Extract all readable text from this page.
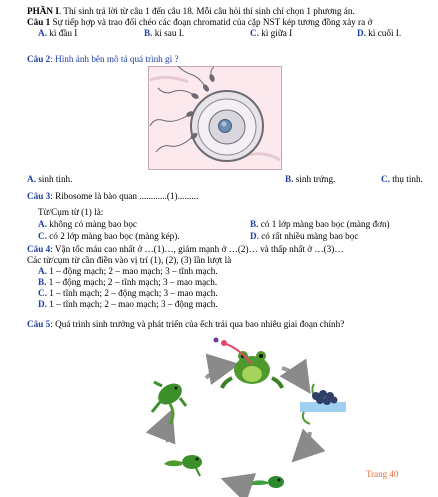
PHẦN I. Thí sinh trả lời từ câu 1 đến câu 18. Mỗi câu hỏi thí sinh chỉ chọn 1 phương án.
Câu 1 Sự tiếp hợp và trao đổi chéo các đoạn chromatid của cặp NST kép tương đồng xảy ra ở
A. kì đầu I	B. kì sau I.	C. kì giữa I	D. kì cuối I.
Câu 2: Hình ảnh bên mô tả quá trình gì ?
A. sinh tinh.	B. sinh trứng.	C. thụ tinh.
Câu 3: Ribosome là bào quan ............(1).........
Từ/Cụm từ (1) là:
A. không có màng bao bọc	B. có 1 lớp màng bao bọc (màng đơn)
C. có 2 lớp màng bao bọc (màng kép).	D. có rất nhiều màng bao bọc
Câu 4: Vận tốc máu cao nhất ở …(1)…, giảm mạnh ở …(2)… và thấp nhất ở …(3)…
Các từ/cụm từ cần điền vào vị trí (1), (2), (3) lần lượt là
A. 1 – động mạch; 2 – mao mạch; 3 – tĩnh mạch.
B. 1 – động mạch; 2 – tĩnh mạch; 3 – mao mạch.
C. 1 – tĩnh mạch; 2 – động mạch; 3 – mao mạch.
D. 1 – tĩnh mạch; 2 – mao mạch; 3 – động mạch.
Câu 5: Quá trình sinh trưởng và phát triển của ếch trải qua bao nhiêu giai đoạn chính?
Trang 40
